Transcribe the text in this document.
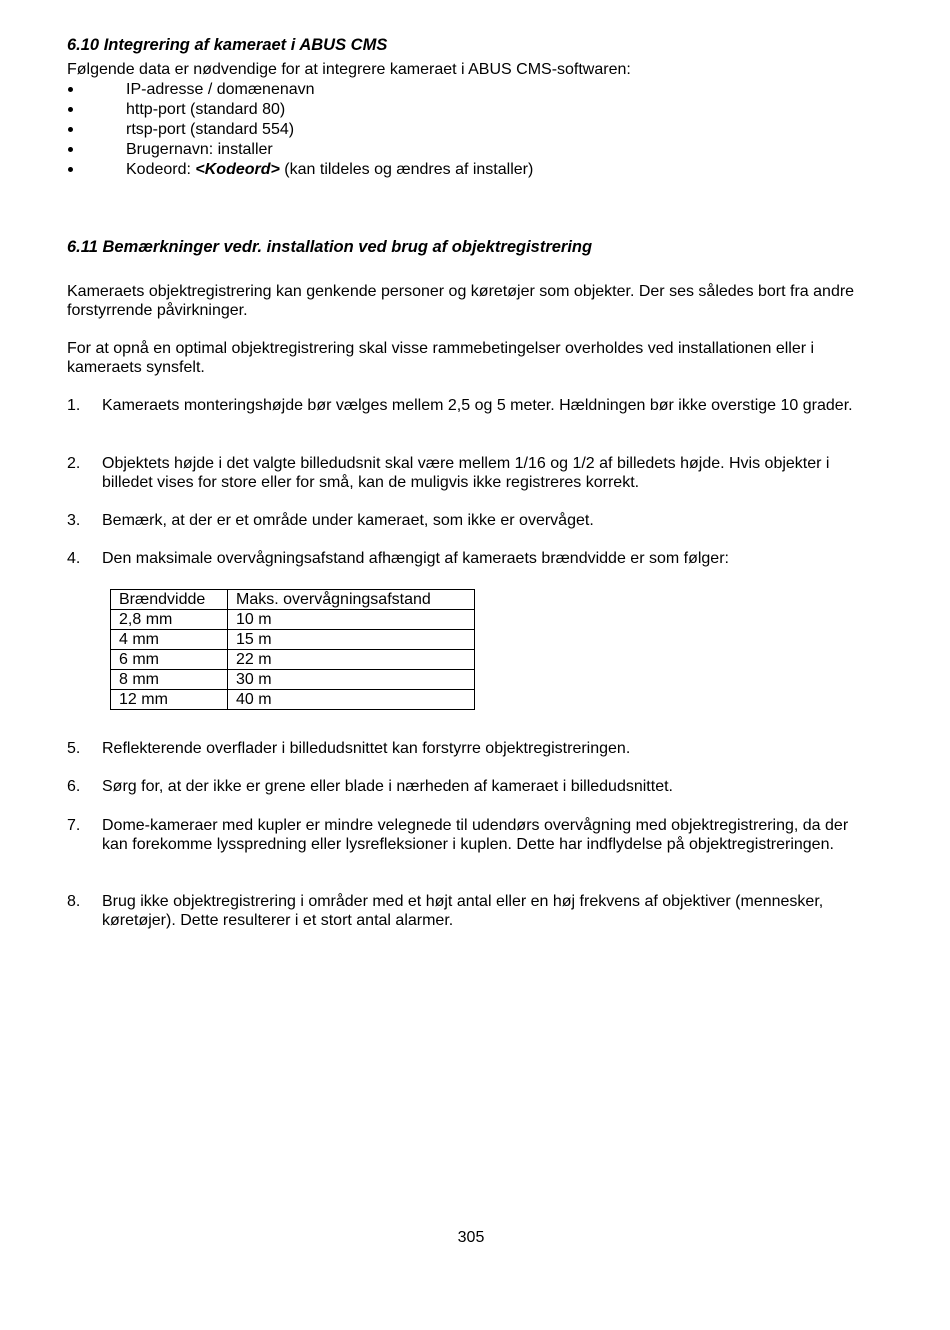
6.10 Integrering af kameraet i ABUS CMS

Følgende data er nødvendige for at integrere kameraet i ABUS CMS-softwaren:

IP-adresse / domænenavn
http-port (standard 80)
rtsp-port (standard 554)
Brugernavn: installer
Kodeord: <Kodeord> (kan tildeles og ændres af installer)
6.11 Bemærkninger vedr. installation ved brug af objektregistrering

Kameraets objektregistrering kan genkende personer og køretøjer som objekter. Der ses således bort fra andre forstyrrende påvirkninger.

For at opnå en optimal objektregistrering skal visse rammebetingelser overholdes ved installationen eller i kameraets synsfelt.

1. Kameraets monteringshøjde bør vælges mellem 2,5 og 5 meter. Hældningen bør ikke overstige 10 grader.
2. Objektets højde i det valgte billedudsnit skal være mellem 1/16 og 1/2 af billedets højde. Hvis objekter i billedet vises for store eller for små, kan de muligvis ikke registreres korrekt.
3. Bemærk, at der er et område under kameraet, som ikke er overvåget.
4. Den maksimale overvågningsafstand afhængigt af kameraets brændvidde er som følger:
Brændvidde	Maks. overvågningsafstand
2,8 mm	10 m
4 mm	15 m
6 mm	22 m
8 mm	30 m
12 mm	40 m
5. Reflekterende overflader i billedudsnittet kan forstyrre objektregistreringen.
6. Sørg for, at der ikke er grene eller blade i nærheden af kameraet i billedudsnittet.
7. Dome-kameraer med kupler er mindre velegnede til udendørs overvågning med objektregistrering, da der kan forekomme lysspredning eller lysrefleksioner i kuplen. Dette har indflydelse på objektregistreringen.
8. Brug ikke objektregistrering i områder med et højt antal eller en høj frekvens af objektiver (mennesker, køretøjer). Dette resulterer i et stort antal alarmer.
305
